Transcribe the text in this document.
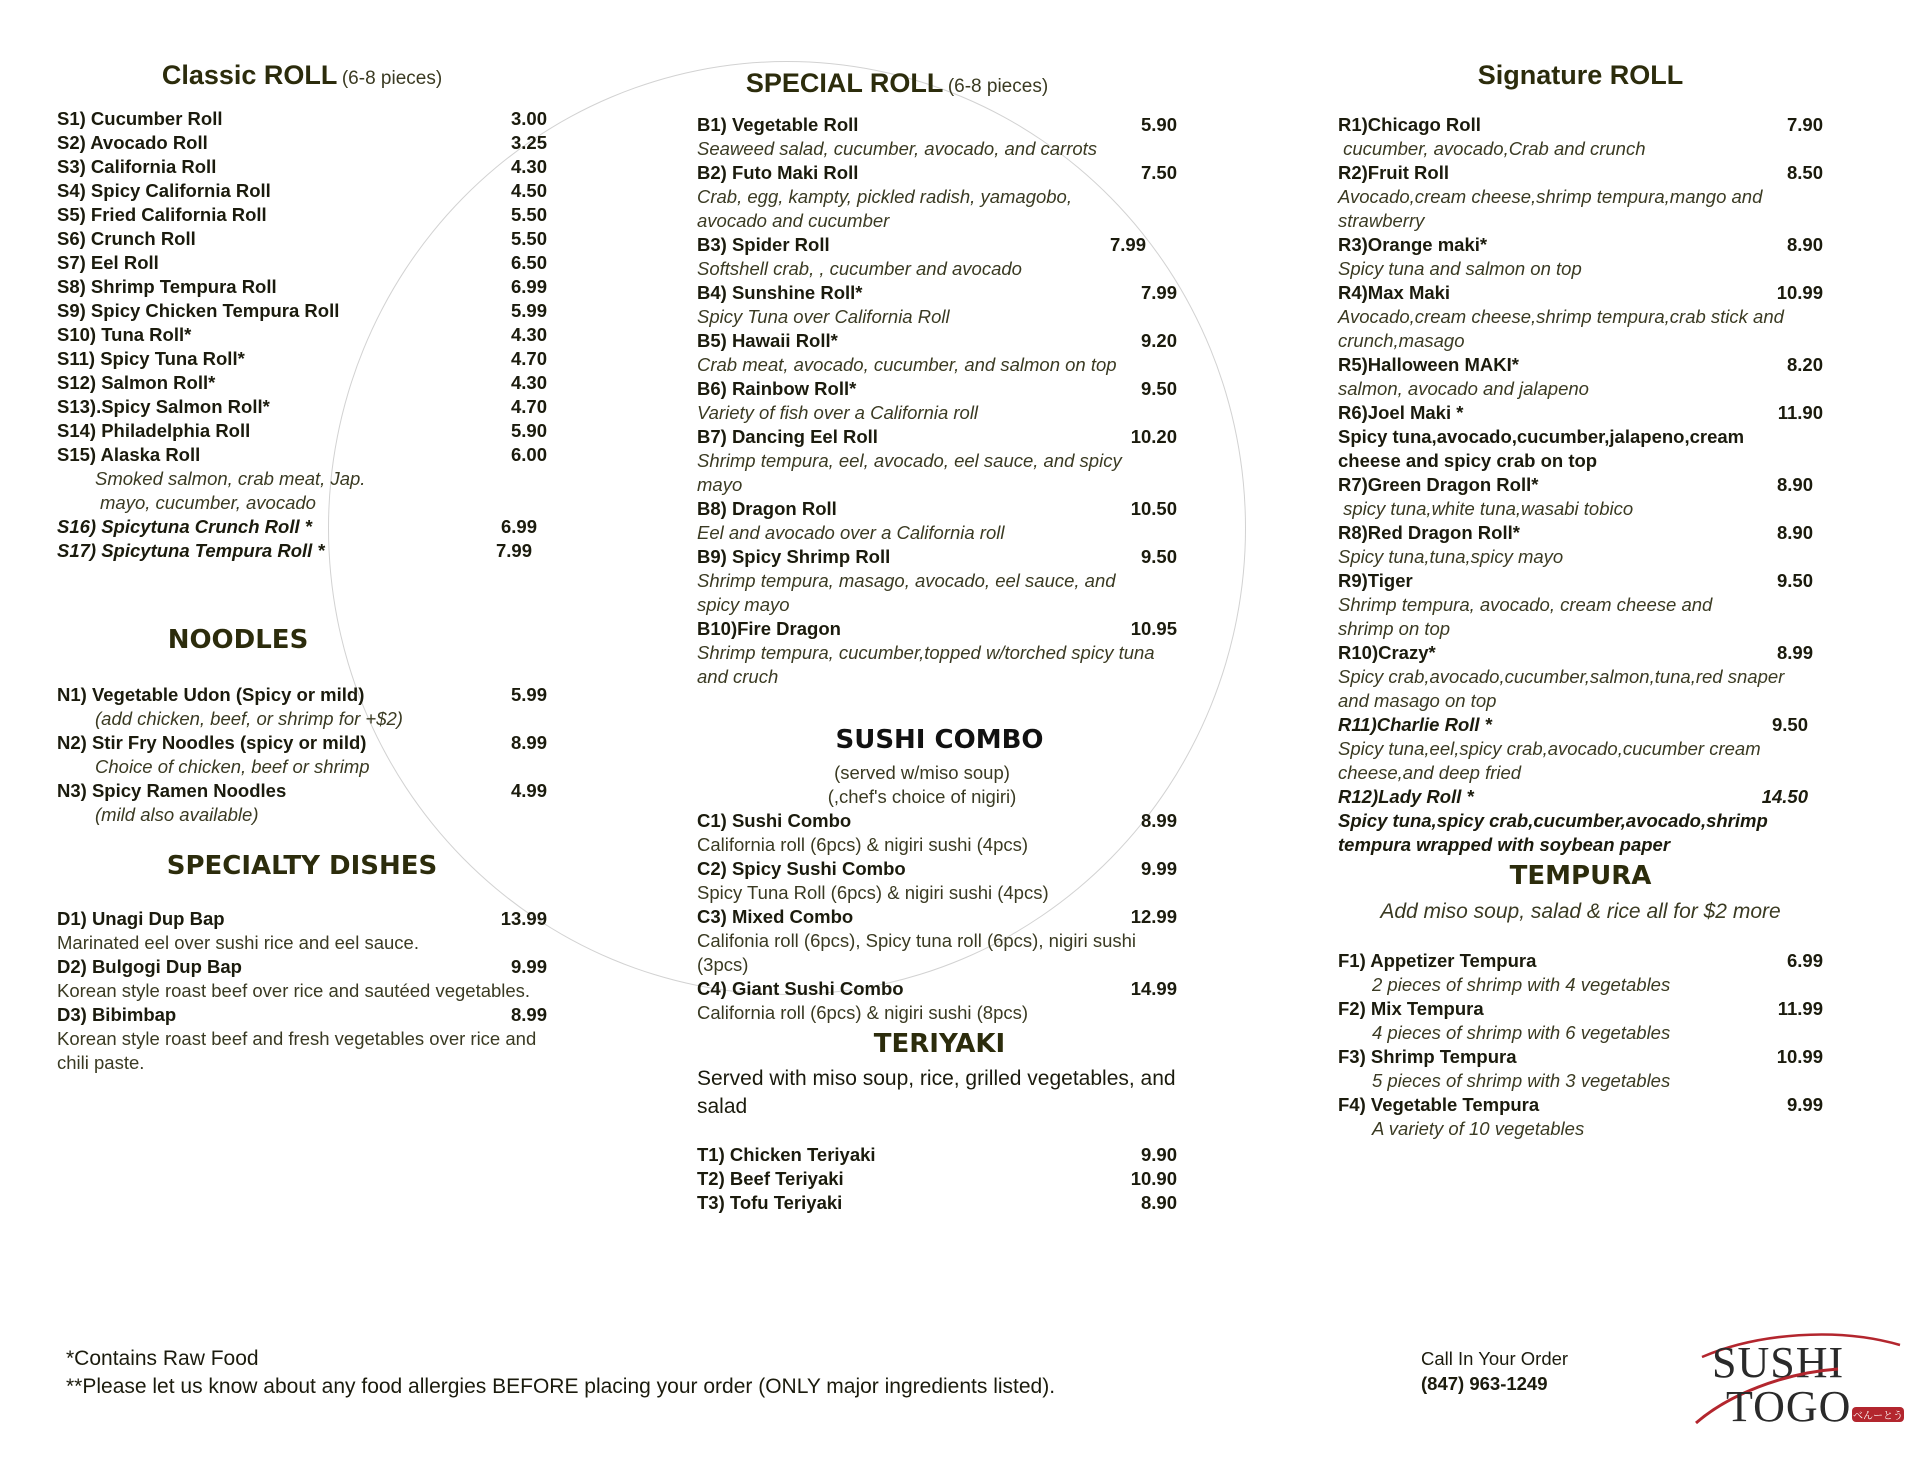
Classic ROLL (6-8 pieces)
S1) Cucumber Roll	3.00
S2) Avocado Roll	3.25
S3) California Roll	4.30
S4) Spicy California Roll	4.50
S5) Fried California Roll	5.50
S6) Crunch Roll	5.50
S7) Eel Roll	6.50
S8) Shrimp Tempura Roll	6.99
S9) Spicy Chicken Tempura Roll	5.99
S10) Tuna Roll*	4.30
S11) Spicy Tuna Roll*	4.70
S12) Salmon Roll*	4.30
S13).Spicy Salmon Roll*	4.70
S14) Philadelphia Roll	5.90
S15) Alaska Roll	6.00
Smoked salmon, crab meat, Jap.
mayo, cucumber, avocado
S16) Spicytuna Crunch Roll *	6.99
S17) Spicytuna Tempura Roll *	7.99
NOODLES
N1) Vegetable Udon (Spicy or mild)	5.99
(add chicken, beef, or shrimp for +$2)
N2) Stir Fry Noodles (spicy or mild)	8.99
Choice of chicken, beef or shrimp
N3) Spicy Ramen Noodles	4.99
(mild also available)
SPECIALTY DISHES
D1) Unagi Dup Bap	13.99
Marinated eel over sushi rice and eel sauce.
D2) Bulgogi Dup Bap	9.99
Korean style roast beef over rice and sautéed vegetables.
D3) Bibimbap	8.99
Korean style roast beef and fresh vegetables over rice and chili paste.
SPECIAL ROLL (6-8 pieces)
B1) Vegetable Roll	5.90
Seaweed salad, cucumber, avocado, and carrots
B2) Futo Maki Roll	7.50
Crab, egg, kampty, pickled radish, yamagobo, avocado and cucumber
B3) Spider Roll	7.99
Softshell crab, , cucumber and avocado
B4) Sunshine Roll*	7.99
Spicy Tuna over California Roll
B5) Hawaii Roll*	9.20
Crab meat, avocado, cucumber, and salmon on top
B6) Rainbow Roll*	9.50
Variety of fish over a California roll
B7) Dancing Eel Roll	10.20
Shrimp tempura, eel, avocado, eel sauce, and spicy mayo
B8) Dragon Roll	10.50
Eel and avocado over a California roll
B9) Spicy Shrimp Roll	9.50
Shrimp tempura, masago, avocado, eel sauce, and spicy mayo
B10)Fire Dragon	10.95
Shrimp tempura, cucumber,topped w/torched spicy tuna and cruch
SUSHI COMBO
(served w/miso soup)
(,chef's choice of nigiri)
C1) Sushi Combo	8.99
California roll (6pcs) & nigiri sushi (4pcs)
C2) Spicy Sushi Combo	9.99
Spicy Tuna Roll (6pcs) & nigiri sushi (4pcs)
C3) Mixed Combo	12.99
Califonia roll (6pcs), Spicy tuna roll (6pcs), nigiri sushi (3pcs)
C4) Giant Sushi Combo	14.99
California roll (6pcs) & nigiri sushi (8pcs)
TERIYAKI
Served with miso soup, rice, grilled vegetables, and salad
T1) Chicken Teriyaki	9.90
T2) Beef Teriyaki	10.90
T3) Tofu Teriyaki	8.90
Signature ROLL
R1)Chicago Roll	7.90
cucumber, avocado,Crab and crunch
R2)Fruit Roll	8.50
Avocado,cream cheese,shrimp tempura,mango and strawberry
R3)Orange maki*	8.90
Spicy tuna and salmon on top
R4)Max Maki	10.99
Avocado,cream cheese,shrimp tempura,crab stick and crunch,masago
R5)Halloween MAKI*	8.20
salmon, avocado and jalapeno
R6)Joel Maki *	11.90
Spicy tuna,avocado,cucumber,jalapeno,cream cheese and spicy crab on top
R7)Green Dragon Roll*	8.90
spicy tuna,white tuna,wasabi tobico
R8)Red Dragon Roll*	8.90
Spicy tuna,tuna,spicy mayo
R9)Tiger	9.50
Shrimp tempura, avocado, cream cheese and shrimp on top
R10)Crazy*	8.99
Spicy crab,avocado,cucumber,salmon,tuna,red snaper and masago on top
R11)Charlie Roll *	9.50
Spicy tuna,eel,spicy crab,avocado,cucumber cream cheese,and deep fried
R12)Lady Roll *	14.50
Spicy tuna,spicy crab,cucumber,avocado,shrimp tempura wrapped with soybean paper
TEMPURA
Add miso soup, salad & rice all for $2 more
F1) Appetizer Tempura	6.99
2 pieces of shrimp with 4 vegetables
F2) Mix Tempura	11.99
4 pieces of shrimp with 6 vegetables
F3) Shrimp Tempura	10.99
5 pieces of shrimp with 3 vegetables
F4) Vegetable Tempura	9.99
A variety of 10 vegetables
*Contains Raw Food
**Please let us know about any food allergies BEFORE placing your order (ONLY major ingredients listed).
Call In Your Order
(847) 963-1249	SUSHI
TOGO べんーとう
